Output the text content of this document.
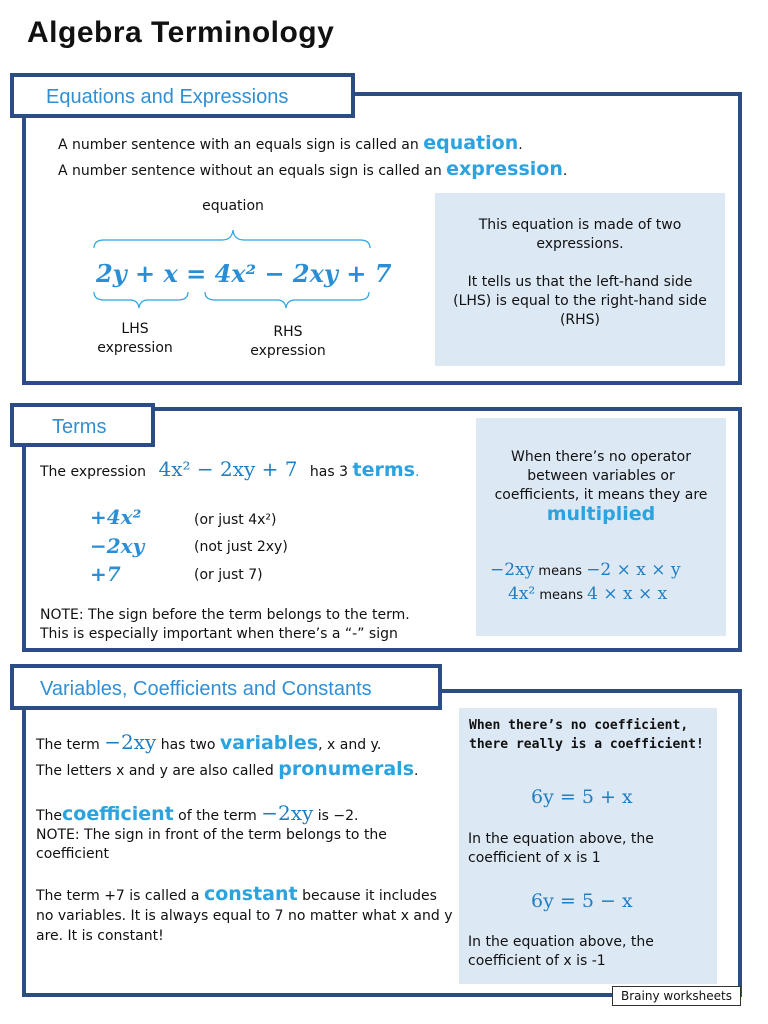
Algebra Terminology
Equations and Expressions
A number sentence with an equals sign is called an equation.
A number sentence without an equals sign is called an expression.
equation
2y + x = 4x² − 2xy + 7
LHS expression
RHS expression
This equation is made of two expressions.
It tells us that the left-hand side (LHS) is equal to the right-hand side (RHS)
Terms
The expression 4x² − 2xy + 7 has 3 terms.
+4x²	(or just 4x²)
−2xy	(not just 2xy)
+7	(or just 7)
NOTE: The sign before the term belongs to the term.
This is especially important when there’s a “-” sign
When there’s no operator between variables or coefficients, it means they are multiplied
−2xy means −2 × x × y
4x² means 4 × x × x
Variables, Coefficients and Constants
The term −2xy has two variables, x and y.
The letters x and y are also called pronumerals.
Thecoefficient of the term −2xy is −2.
NOTE: The sign in front of the term belongs to the coefficient
The term +7 is called a constant because it includes no variables. It is always equal to 7 no matter what x and y are. It is constant!
When there’s no coefficient, there really is a coefficient!
6y = 5 + x
In the equation above, the coefficient of x is 1
6y = 5 − x
In the equation above, the coefficient of x is -1
Brainy worksheets
